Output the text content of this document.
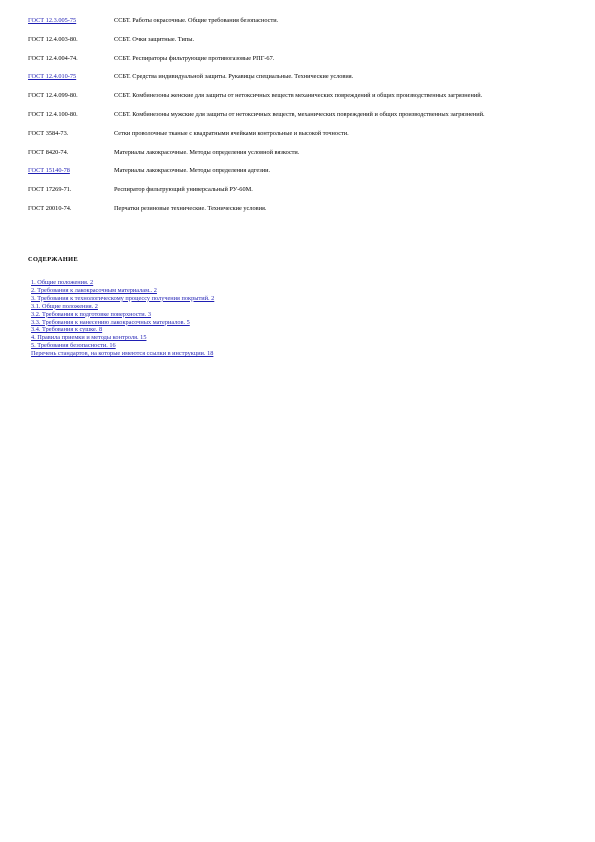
ГОСТ 12.3.005-75	ССБТ. Работы окрасочные. Общие требования безопасности.
ГОСТ 12.4.003-80.	ССБТ. Очки защитные. Типы.
ГОСТ 12.4.004-74.	ССБТ. Респираторы фильтрующие противогазовые РПГ-67.
ГОСТ 12.4.010-75	ССБТ. Средства индивидуальной защиты. Рукавицы специальные. Технические условия.
ГОСТ 12.4.099-80.	ССБТ. Комбинезоны женские для защиты от нетоксичных веществ механических повреждений и общих производственных загрязнений.
ГОСТ 12.4.100-80.	ССБТ. Комбинезоны мужские для защиты от нетоксичных веществ, механических повреждений и общих производственных загрязнений.
ГОСТ 3584-73.	Сетки проволочные тканые с квадратными ячейками контрольные и высокой точности.
ГОСТ 8420-74.	Материалы лакокрасочные. Методы определения условной вязкости.
ГОСТ 15140-78	Материалы лакокрасочные. Методы определения адгезии.
ГОСТ 17269-71.	Респиратор фильтрующий универсальный РУ-60М.
ГОСТ 20010-74.	Перчатки резиновые технические. Технические условия.
СОДЕРЖАНИЕ
1. Общие положения. 2
2. Требования к лакокрасочным материалам.. 2
3. Требования к технологическому процессу получения покрытий. 2
3.1. Общие положения. 2
3.2. Требования к подготовке поверхности. 3
3.3. Требования к нанесению лакокрасочных материалов. 5
3.4. Требования к сушке. 8
4. Правила приемки и методы контроля. 15
5. Требования безопасности. 16
Перечень стандартов, на которые имеются ссылки в инструкции. 18
